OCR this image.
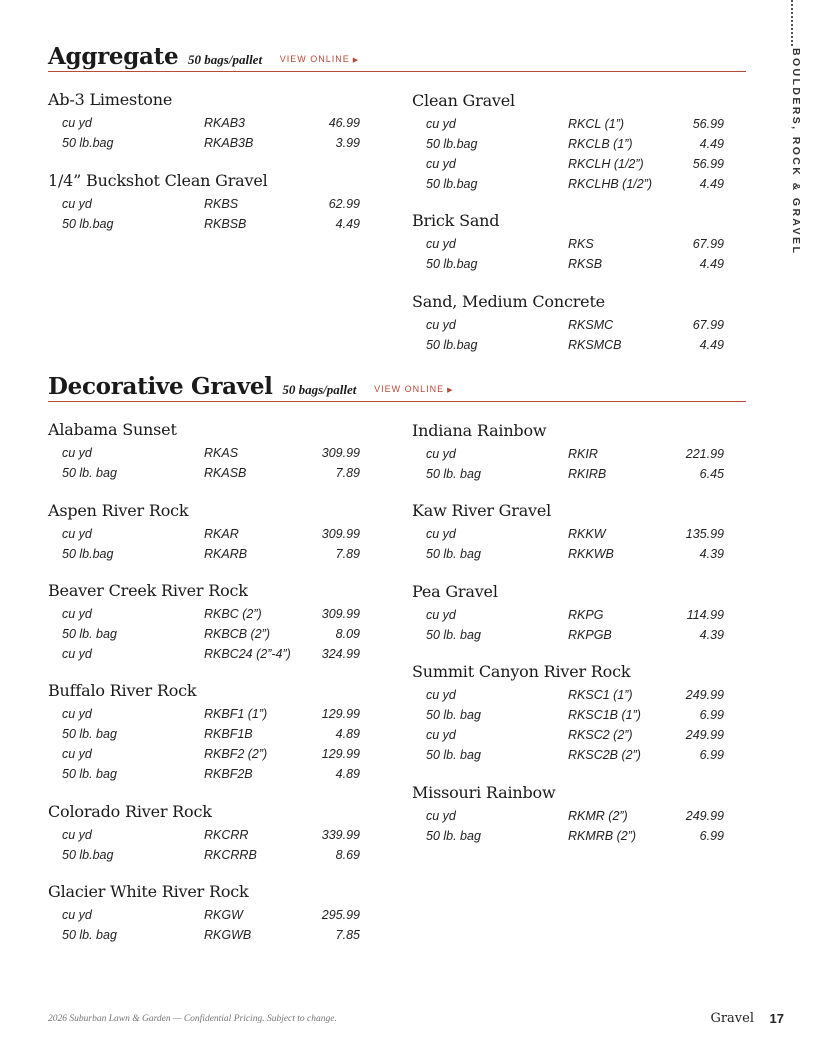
BOULDERS, ROCK & GRAVEL
Aggregate 50 bags/pallet VIEW ONLINE ▶
Ab-3 Limestone
cu yd	RKAB3	46.99
50 lb.bag	RKAB3B	3.99
1/4” Buckshot Clean Gravel
cu yd	RKBS	62.99
50 lb.bag	RKBSB	4.49
Clean Gravel
cu yd	RKCL (1”)	56.99
50 lb.bag	RKCLB (1”)	4.49
cu yd	RKCLH (1/2”)	56.99
50 lb.bag	RKCLHB (1/2”)	4.49
Brick Sand
cu yd	RKS	67.99
50 lb.bag	RKSB	4.49
Sand, Medium Concrete
cu yd	RKSMC	67.99
50 lb.bag	RKSMCB	4.49
Decorative Gravel 50 bags/pallet VIEW ONLINE ▶
Alabama Sunset
cu yd	RKAS	309.99
50 lb. bag	RKASB	7.89
Aspen River Rock
cu yd	RKAR	309.99
50 lb.bag	RKARB	7.89
Beaver Creek River Rock
cu yd	RKBC (2”)	309.99
50 lb. bag	RKBCB (2”)	8.09
cu yd	RKBC24 (2”-4”) 324.99
Buffalo River Rock
cu yd	RKBF1 (1”)	129.99
50 lb. bag	RKBF1B	4.89
cu yd	RKBF2 (2”)	129.99
50 lb. bag	RKBF2B	4.89
Colorado River Rock
cu yd	RKCRR	339.99
50 lb.bag	RKCRRB	8.69
Glacier White River Rock
cu yd	RKGW	295.99
50 lb. bag	RKGWB	7.85
Indiana Rainbow
cu yd	RKIR	221.99
50 lb. bag	RKIRB	6.45
Kaw River Gravel
cu yd	RKKW	135.99
50 lb. bag	RKKWB	4.39
Pea Gravel
cu yd	RKPG	114.99
50 lb. bag	RKPGB	4.39
Summit Canyon River Rock
cu yd	RKSC1 (1”)	249.99
50 lb. bag	RKSC1B (1”)	6.99
cu yd	RKSC2 (2”)	249.99
50 lb. bag	RKSC2B (2”)	6.99
Missouri Rainbow
cu yd	RKMR (2”)	249.99
50 lb. bag	RKMRB (2”)	6.99
2026 Suburban Lawn & Garden — Confidential Pricing. Subject to change.	Gravel 17
